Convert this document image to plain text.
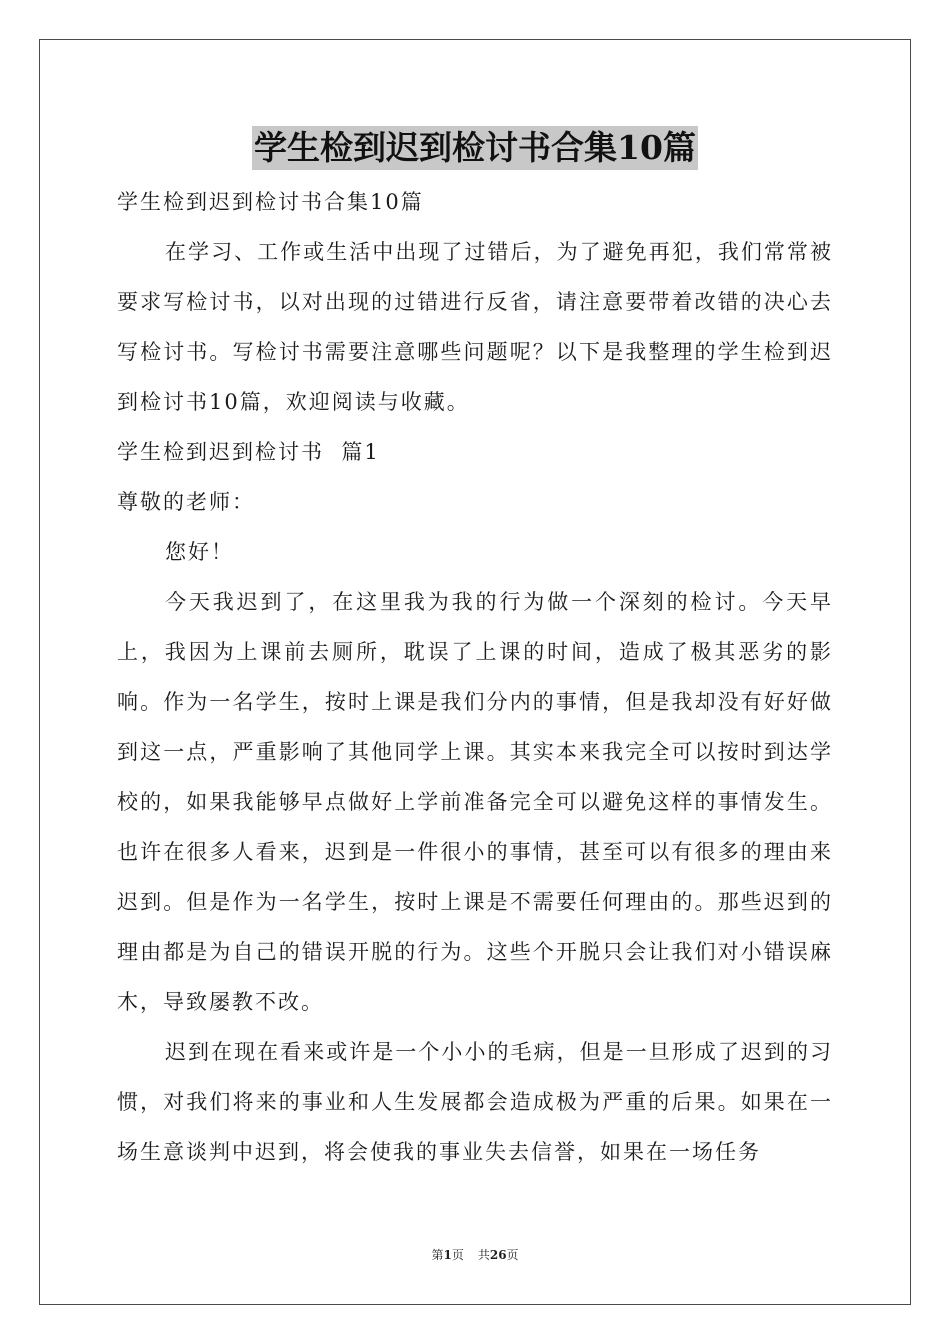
学生检到迟到检讨书合集10篇
学生检到迟到检讨书合集10篇
在学习、工作或生活中出现了过错后，为了避免再犯，我们常常被要求写检讨书，以对出现的过错进行反省，请注意要带着改错的决心去写检讨书。写检讨书需要注意哪些问题呢？以下是我整理的学生检到迟到检讨书10篇，欢迎阅读与收藏。
学生检到迟到检讨书  篇1
尊敬的老师：
您好！
今天我迟到了，在这里我为我的行为做一个深刻的检讨。今天早上，我因为上课前去厕所，耽误了上课的时间，造成了极其恶劣的影响。作为一名学生，按时上课是我们分内的事情，但是我却没有好好做到这一点，严重影响了其他同学上课。其实本来我完全可以按时到达学校的，如果我能够早点做好上学前准备完全可以避免这样的事情发生。也许在很多人看来，迟到是一件很小的事情，甚至可以有很多的理由来迟到。但是作为一名学生，按时上课是不需要任何理由的。那些迟到的理由都是为自己的错误开脱的行为。这些个开脱只会让我们对小错误麻木，导致屡教不改。
迟到在现在看来或许是一个小小的毛病，但是一旦形成了迟到的习惯，对我们将来的事业和人生发展都会造成极为严重的后果。如果在一场生意谈判中迟到，将会使我的事业失去信誉，如果在一场任务
第1页 共26页
